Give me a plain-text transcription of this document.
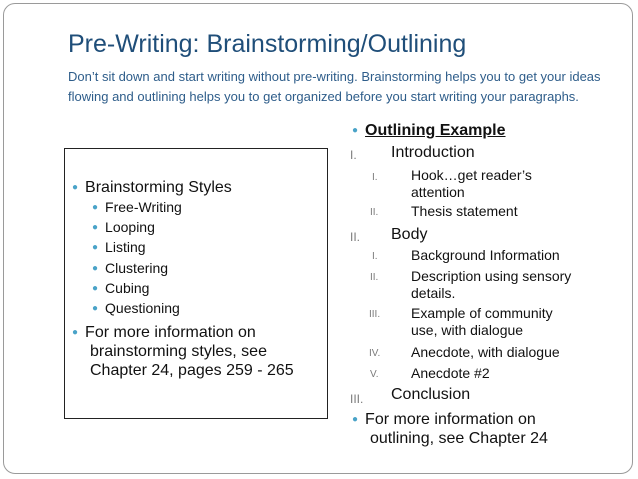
Pre-Writing: Brainstorming/Outlining
Don’t sit down and start writing without pre-writing. Brainstorming helps you to get your ideas flowing and outlining helps you to get organized before you start writing your paragraphs.
● Brainstorming Styles
● Free-Writing
● Looping
● Listing
● Clustering
● Cubing
● Questioning
● For more information on
brainstorming styles, see
Chapter 24, pages 259 - 265
● Outlining Example
I. Introduction
I. Hook…get reader’s
attention
II. Thesis statement
II. Body
I. Background Information
II. Description using sensory
details.
III. Example of community
use, with dialogue
IV. Anecdote, with dialogue
V. Anecdote #2
III. Conclusion
● For more information on
outlining, see Chapter 24
